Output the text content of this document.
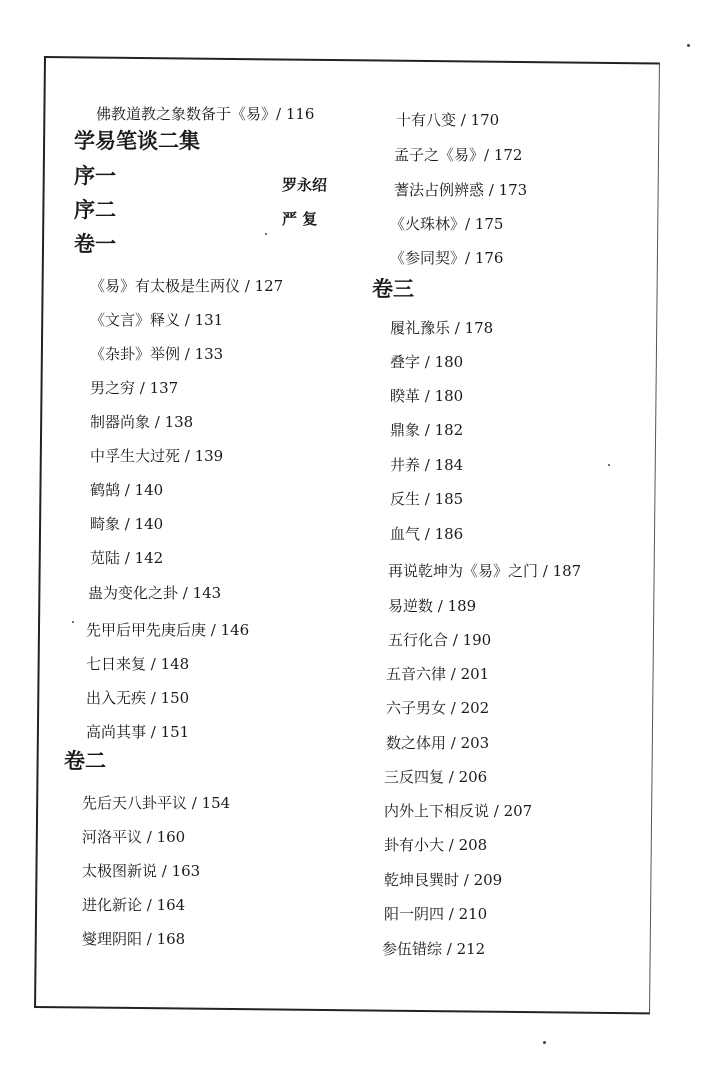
佛教道教之象数备于《易》/ 116
学易笔谈二集
序一	罗永绍
序二	严 复
卷一
《易》有太极是生两仪 / 127
《文言》释义 / 131
《杂卦》举例 / 133
男之穷 / 137
制器尚象 / 138
中孚生大过死 / 139
鹤鹄 / 140
畸象 / 140
苋陆 / 142
蛊为变化之卦 / 143
先甲后甲先庚后庚 / 146
七日来复 / 148
出入无疾 / 150
高尚其事 / 151
卷二
先后天八卦平议 / 154
河洛平议 / 160
太极图新说 / 163
进化新论 / 164
燮理阴阳 / 168
十有八变 / 170
孟子之《易》/ 172
蓍法占例辨惑 / 173
《火珠林》/ 175
《参同契》/ 176
卷三
履礼豫乐 / 178
叠字 / 180
睽革 / 180
鼎象 / 182
井养 / 184
反生 / 185
血气 / 186
再说乾坤为《易》之门 / 187
易逆数 / 189
五行化合 / 190
五音六律 / 201
六子男女 / 202
数之体用 / 203
三反四复 / 206
内外上下相反说 / 207
卦有小大 / 208
乾坤艮巽时 / 209
阳一阴四 / 210
参伍错综 / 212
